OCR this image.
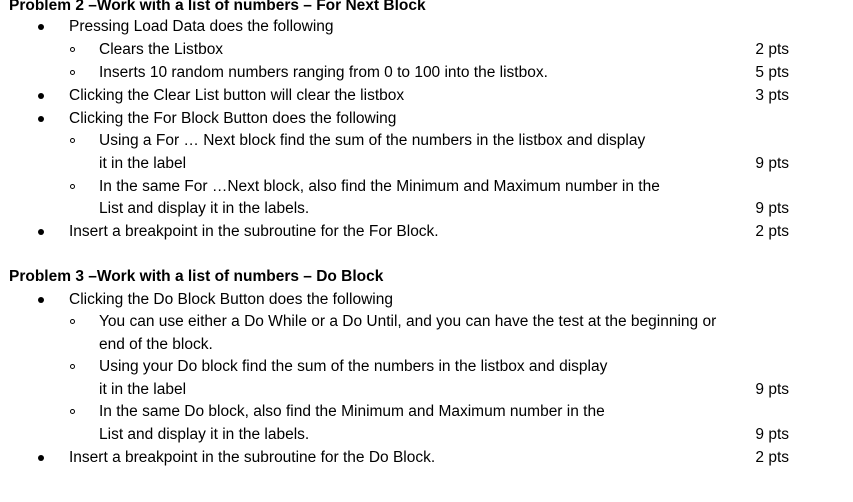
Problem 2 –Work with a list of numbers – For Next Block
Pressing Load Data does the following
Clears the Listbox	2 pts
Inserts 10 random numbers ranging from 0 to 100 into the listbox.	5 pts
Clicking the Clear List button will clear the listbox	3 pts
Clicking the For Block Button does the following
Using a For … Next block find the sum of the numbers in the listbox and display
it in the label	9 pts
In the same For …Next block, also find the Minimum and Maximum number in the
List and display it in the labels.	9 pts
Insert a breakpoint in the subroutine for the For Block.	2 pts
Problem 3 –Work with a list of numbers – Do Block
Clicking the Do Block Button does the following
You can use either a Do While or a Do Until, and you can have the test at the beginning or
end of the block.
Using your Do block find the sum of the numbers in the listbox and display
it in the label	9 pts
In the same Do block, also find the Minimum and Maximum number in the
List and display it in the labels.	9 pts
Insert a breakpoint in the subroutine for the Do Block.	2 pts
